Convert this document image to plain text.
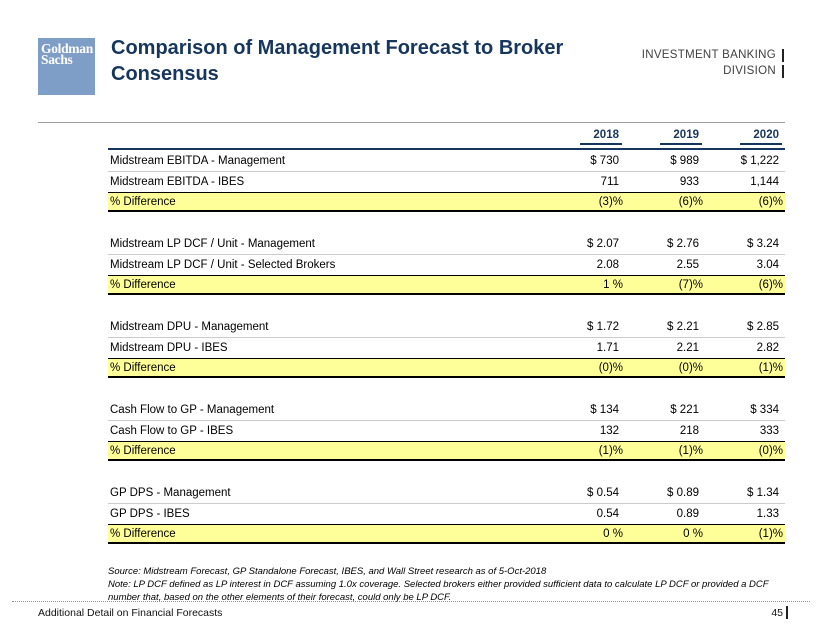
Goldman
Sachs
Comparison of Management Forecast to Broker
Consensus
INVESTMENT BANKING
DIVISION
2018	2019	2020
Midstream EBITDA - Management	$ 730	$ 989	$ 1,222
Midstream EBITDA - IBES	711	933	1,144
% Difference	(3)%	(6)%	(6)%
Midstream LP DCF / Unit - Management	$ 2.07	$ 2.76	$ 3.24
Midstream LP DCF / Unit - Selected Brokers	2.08	2.55	3.04
% Difference	1 %	(7)%	(6)%
Midstream DPU - Management	$ 1.72	$ 2.21	$ 2.85
Midstream DPU - IBES	1.71	2.21	2.82
% Difference	(0)%	(0)%	(1)%
Cash Flow to GP - Management	$ 134	$ 221	$ 334
Cash Flow to GP - IBES	132	218	333
% Difference	(1)%	(1)%	(0)%
GP DPS - Management	$ 0.54	$ 0.89	$ 1.34
GP DPS - IBES	0.54	0.89	1.33
% Difference	0 %	0 %	(1)%
Source: Midstream Forecast, GP Standalone Forecast, IBES, and Wall Street research as of 5-Oct-2018
Note: LP DCF defined as LP interest in DCF assuming 1.0x coverage. Selected brokers either provided sufficient data to calculate LP DCF or provided a DCF number that, based on the other elements of their forecast, could only be LP DCF.
Additional Detail on Financial Forecasts	45
